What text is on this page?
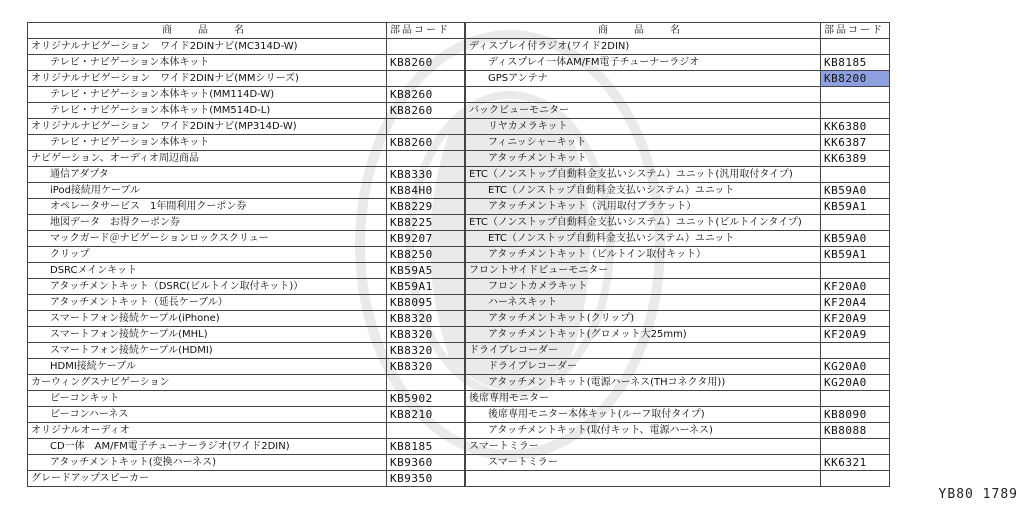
商　品　名	部品コード
オリジナルナビゲーション　ワイド2DINナビ(MC314D-W)	
テレビ・ナビゲーション本体キット	KB8260
オリジナルナビゲーション　ワイド2DINナビ(MMシリーズ)	
テレビ・ナビゲーション本体キット(MM114D-W)	KB8260
テレビ・ナビゲーション本体キット(MM514D-L)	KB8260
オリジナルナビゲーション　ワイド2DINナビ(MP314D-W)	
テレビ・ナビゲーション本体キット	KB8260
ナビゲーション、オーディオ周辺商品	
通信アダプタ	KB8330
iPod接続用ケーブル	KB84H0
オペレータサービス　1年間利用クーポン券	KB8229
地図データ　お得クーポン券	KB8225
マックガード＠ナビゲーションロックスクリュー	KB9207
クリップ	KB8250
DSRCメインキット	KB59A5
アタッチメントキット（DSRC(ビルトイン取付キット)）	KB59A1
アタッチメントキット（延長ケーブル）	KB8095
スマートフォン接続ケーブル(iPhone)	KB8320
スマートフォン接続ケーブル(MHL)	KB8320
スマートフォン接続ケーブル(HDMI)	KB8320
HDMI接続ケーブル	KB8320
カーウィングスナビゲーション	
ビーコンキット	KB5902
ビーコンハーネス	KB8210
オリジナルオーディオ	
CD一体　AM/FM電子チューナーラジオ(ワイド2DIN)	KB8185
アタッチメントキット(変換ハーネス)	KB9360
グレードアップスピーカー	KB9350
商　品　名	部品コード
ディスプレイ付ラジオ(ワイド2DIN)	
ディスプレイ一体AM/FM電子チューナーラジオ	KB8185
GPSアンテナ	KB8200

バックビューモニター	
リヤカメラキット	KK6380
フィニッシャーキット	KK6387
アタッチメントキット	KK6389
ETC（ノンストップ自動料金支払いシステム）ユニット(汎用取付タイプ)	
ETC（ノンストップ自動料金支払いシステム）ユニット	KB59A0
アタッチメントキット（汎用取付ブラケット）	KB59A1
ETC（ノンストップ自動料金支払いシステム）ユニット(ビルトインタイプ)	
ETC（ノンストップ自動料金支払いシステム）ユニット	KB59A0
アタッチメントキット（ビルトイン取付キット）	KB59A1
フロントサイドビューモニター	
フロントカメラキット	KF20A0
ハーネスキット	KF20A4
アタッチメントキット(クリップ)	KF20A9
アタッチメントキット(グロメット大25mm)	KF20A9
ドライブレコーダー	
ドライブレコーダー	KG20A0
アタッチメントキット(電源ハーネス(THコネクタ用))	KG20A0
後席専用モニター	
後席専用モニター本体キット(ルーフ取付タイプ)	KB8090
アタッチメントキット(取付キット、電源ハーネス)	KB8088
スマートミラー	
スマートミラー	KK6321

YB80 1789
